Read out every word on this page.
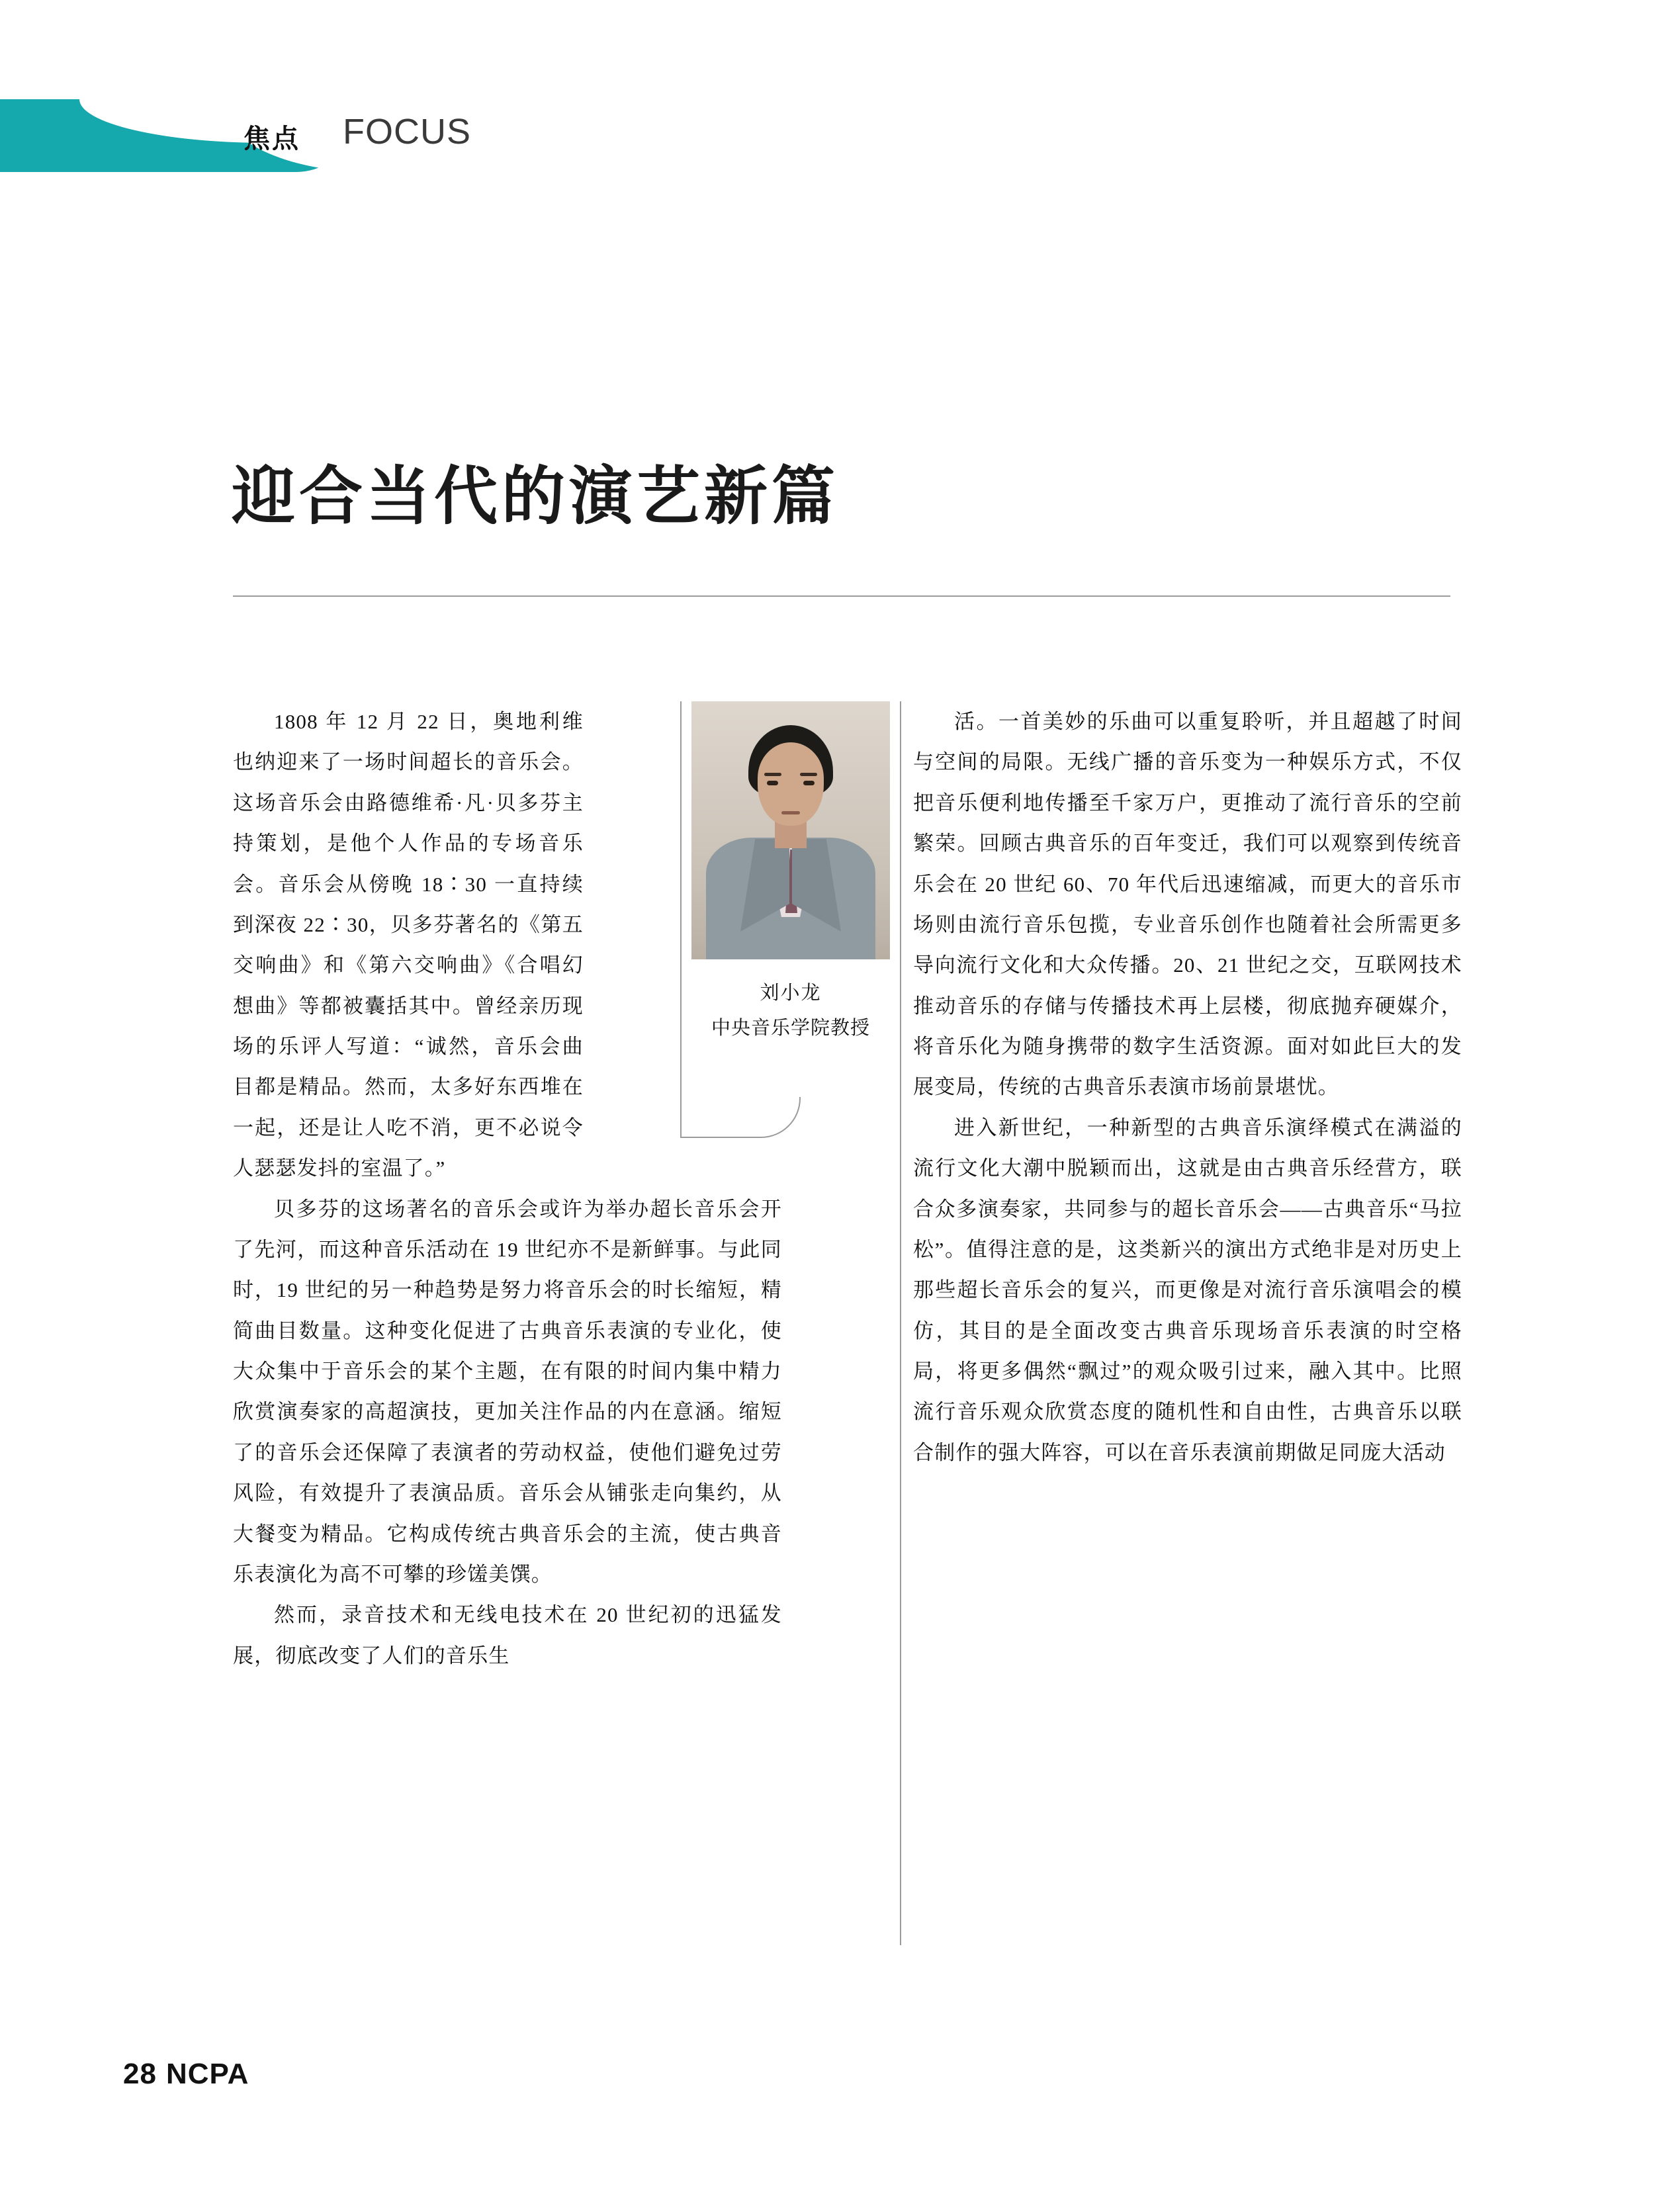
焦点 FOCUS
迎合当代的演艺新篇

1808 年 12 月 22 日，奥地利维也纳迎来了一场时间超长的音乐会。这场音乐会由路德维希·凡·贝多芬主持策划，是他个人作品的专场音乐会。音乐会从傍晚 18∶30 一直持续到深夜 22∶30，贝多芬著名的《第五交响曲》和《第六交响曲》《合唱幻想曲》等都被囊括其中。曾经亲历现场的乐评人写道：“诚然，音乐会曲目都是精品。然而，太多好东西堆在一起，还是让人吃不消，更不必说令人瑟瑟发抖的室温了。”

贝多芬的这场著名的音乐会或许为举办超长音乐会开了先河，而这种音乐活动在 19 世纪亦不是新鲜事。与此同时，19 世纪的另一种趋势是努力将音乐会的时长缩短，精简曲目数量。这种变化促进了古典音乐表演的专业化，使大众集中于音乐会的某个主题，在有限的时间内集中精力欣赏演奏家的高超演技，更加关注作品的内在意涵。缩短了的音乐会还保障了表演者的劳动权益，使他们避免过劳风险，有效提升了表演品质。音乐会从铺张走向集约，从大餐变为精品。它构成传统古典音乐会的主流，使古典音乐表演化为高不可攀的珍馐美馔。

然而，录音技术和无线电技术在 20 世纪初的迅猛发展，彻底改变了人们的音乐生

刘小龙
中央音乐学院教授

活。一首美妙的乐曲可以重复聆听，并且超越了时间与空间的局限。无线广播的音乐变为一种娱乐方式，不仅把音乐便利地传播至千家万户，更推动了流行音乐的空前繁荣。回顾古典音乐的百年变迁，我们可以观察到传统音乐会在 20 世纪 60、70 年代后迅速缩减，而更大的音乐市场则由流行音乐包揽，专业音乐创作也随着社会所需更多导向流行文化和大众传播。20、21 世纪之交，互联网技术推动音乐的存储与传播技术再上层楼，彻底抛弃硬媒介，将音乐化为随身携带的数字生活资源。面对如此巨大的发展变局，传统的古典音乐表演市场前景堪忧。

进入新世纪，一种新型的古典音乐演绎模式在满溢的流行文化大潮中脱颖而出，这就是由古典音乐经营方，联合众多演奏家，共同参与的超长音乐会——古典音乐“马拉松”。值得注意的是，这类新兴的演出方式绝非是对历史上那些超长音乐会的复兴，而更像是对流行音乐演唱会的模仿，其目的是全面改变古典音乐现场音乐表演的时空格局，将更多偶然“飘过”的观众吸引过来，融入其中。比照流行音乐观众欣赏态度的随机性和自由性，古典音乐以联合制作的强大阵容，可以在音乐表演前期做足同庞大活动

28 NCPA
